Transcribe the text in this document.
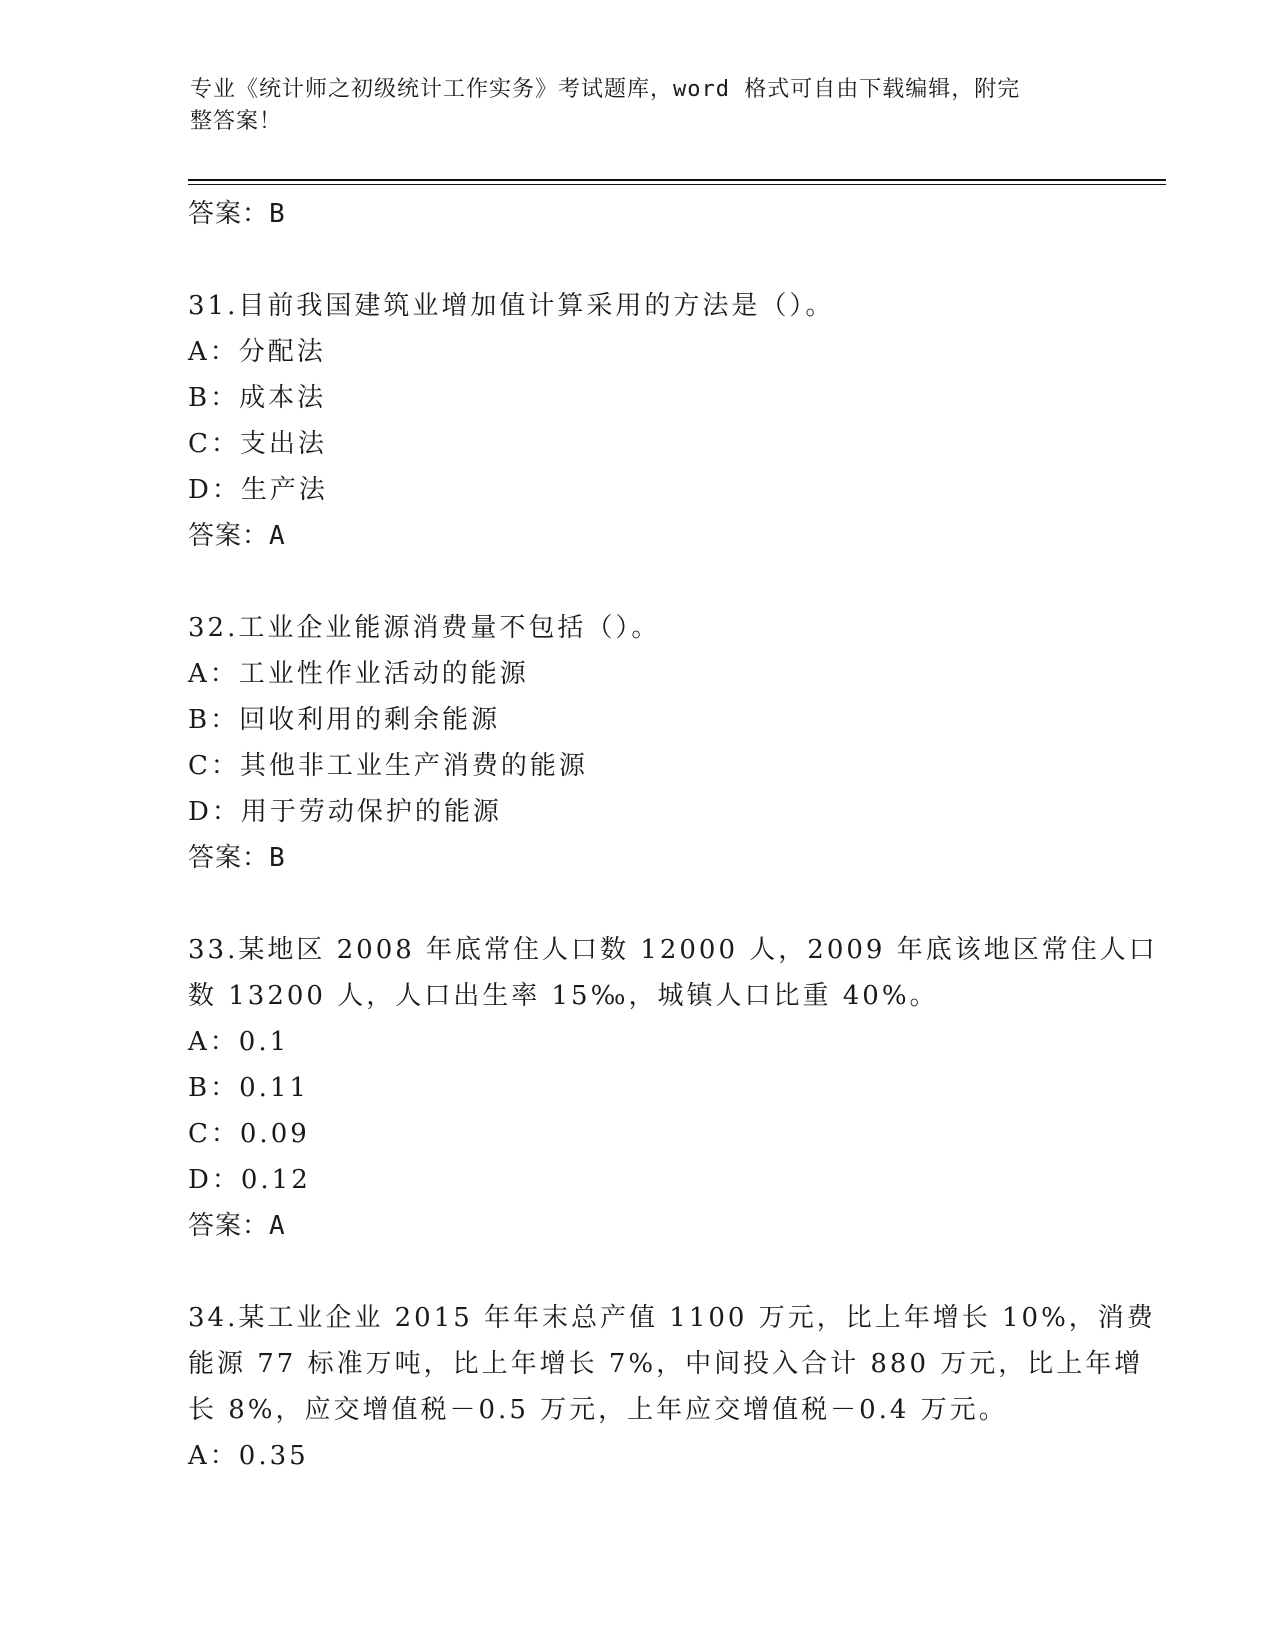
专业《统计师之初级统计工作实务》考试题库，word 格式可自由下载编辑，附完
整答案！
答案：B
31.目前我国建筑业增加值计算采用的方法是（）。
A：分配法
B：成本法
C：支出法
D：生产法
答案：A
32.工业企业能源消费量不包括（）。
A：工业性作业活动的能源
B：回收利用的剩余能源
C：其他非工业生产消费的能源
D：用于劳动保护的能源
答案：B
33.某地区 2008 年底常住人口数 12000 人，2009 年底该地区常住人口
数 13200 人，人口出生率 15‰，城镇人口比重 40%。
A：0.1
B：0.11
C：0.09
D：0.12
答案：A
34.某工业企业 2015 年年末总产值 1100 万元，比上年增长 10%，消费
能源 77 标准万吨，比上年增长 7%，中间投入合计 880 万元，比上年增
长 8%，应交增值税－0.5 万元，上年应交增值税－0.4 万元。
A：0.35
